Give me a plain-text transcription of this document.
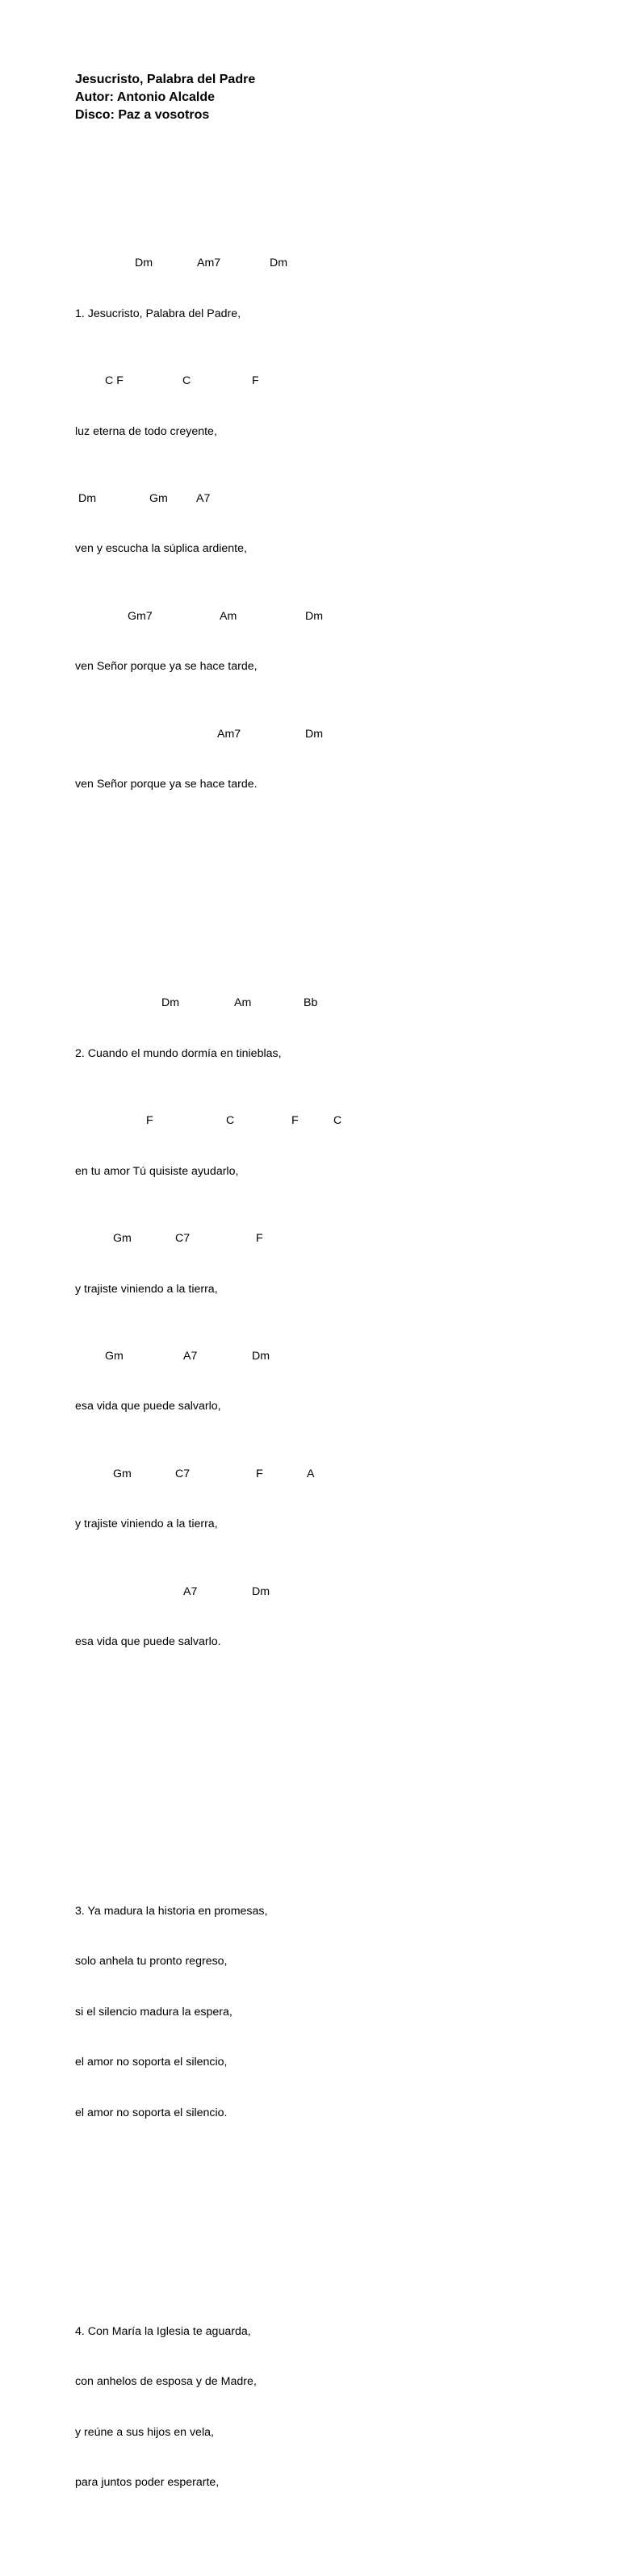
Jesucristo, Palabra del Padre
Autor: Antonio Alcalde
Disco: Paz a vosotros

Dm

	Am7

	Dm

1. Jesucristo, Palabra del Padre,

C F

	C

	F

luz eterna de todo creyente,

Dm

	Gm

A7

ven y escucha la súplica ardiente,

Gm7

	Am

	Dm

ven Señor porque ya se hace tarde,

Am7

	Dm

ven Señor porque ya se hace tarde.

Dm

	Am

	Bb

2. Cuando el mundo dormía en tinieblas,

F

	C

	F

	C

en tu amor Tú quisiste ayudarlo,

Gm

	C7

	F

y trajiste viniendo a la tierra,

Gm

	A7

	Dm

esa vida que puede salvarlo,

Gm

	C7

	F

	A

y trajiste viniendo a la tierra,

A7

	Dm

esa vida que puede salvarlo.

3. Ya madura la historia en promesas,

solo anhela tu pronto regreso,

si el silencio madura la espera,

el amor no soporta el silencio,

el amor no soporta el silencio.

4. Con María la Iglesia te aguarda,

con anhelos de esposa y de Madre,

y reúne a sus hijos en vela,

para juntos poder esperarte,
